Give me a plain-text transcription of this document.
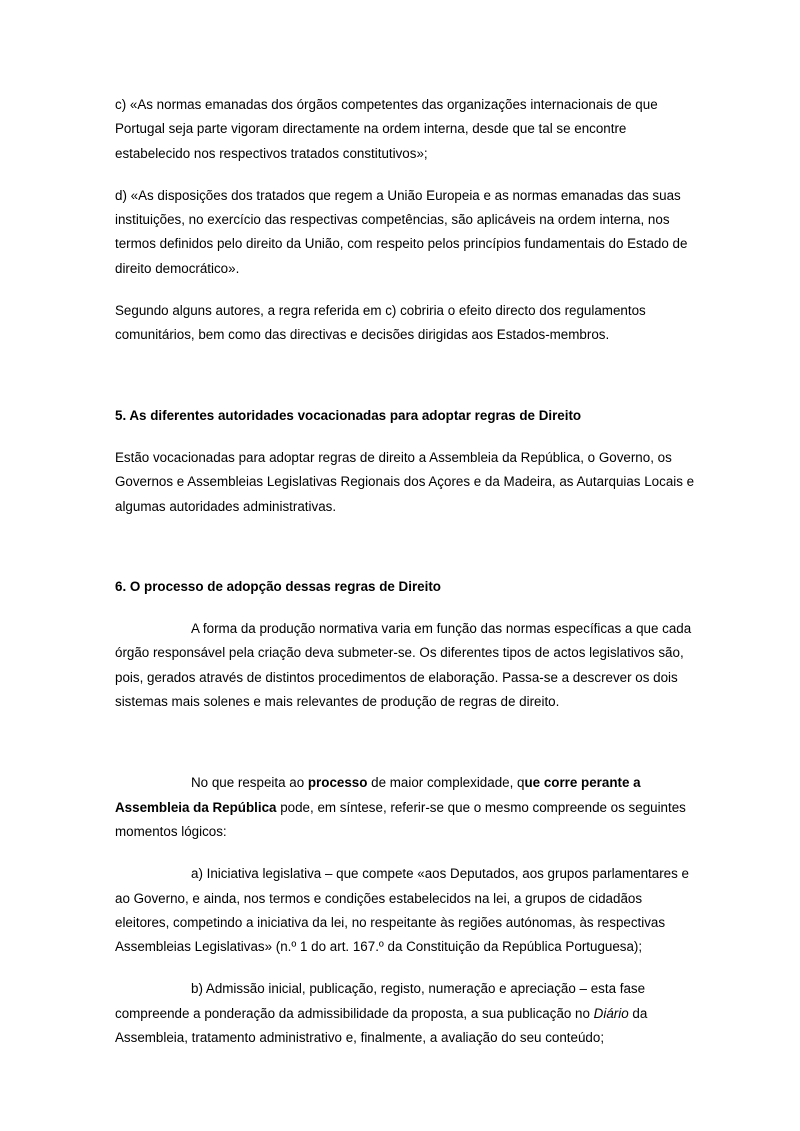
c) «As normas emanadas dos órgãos competentes das organizações internacionais de que Portugal seja parte vigoram directamente na ordem interna, desde que tal se encontre estabelecido nos respectivos tratados constitutivos»;

d) «As disposições dos tratados que regem a União Europeia e as normas emanadas das suas instituições, no exercício das respectivas competências, são aplicáveis na ordem interna, nos termos definidos pelo direito da União, com respeito pelos princípios fundamentais do Estado de direito democrático».

Segundo alguns autores, a regra referida em c) cobriria o efeito directo dos regulamentos comunitários, bem como das directivas e decisões dirigidas aos Estados-membros.

5. As diferentes autoridades vocacionadas para adoptar regras de Direito

Estão vocacionadas para adoptar regras de direito a Assembleia da República, o Governo, os Governos e Assembleias Legislativas Regionais dos Açores e da Madeira, as Autarquias Locais e algumas autoridades administrativas.

6. O processo de adopção dessas regras de Direito

A forma da produção normativa varia em função das normas específicas a que cada órgão responsável pela criação deva submeter-se. Os diferentes tipos de actos legislativos são, pois, gerados através de distintos procedimentos de elaboração. Passa-se a descrever os dois sistemas mais solenes e mais relevantes de produção de regras de direito.

No que respeita ao processo de maior complexidade, que corre perante a Assembleia da República pode, em síntese, referir-se que o mesmo compreende os seguintes momentos lógicos:

a) Iniciativa legislativa – que compete «aos Deputados, aos grupos parlamentares e ao Governo, e ainda, nos termos e condições estabelecidos na lei, a grupos de cidadãos eleitores, competindo a iniciativa da lei, no respeitante às regiões autónomas, às respectivas Assembleias Legislativas» (n.º 1 do art. 167.º da Constituição da República Portuguesa);

b) Admissão inicial, publicação, registo, numeração e apreciação – esta fase compreende a ponderação da admissibilidade da proposta, a sua publicação no Diário da Assembleia, tratamento administrativo e, finalmente, a avaliação do seu conteúdo;
